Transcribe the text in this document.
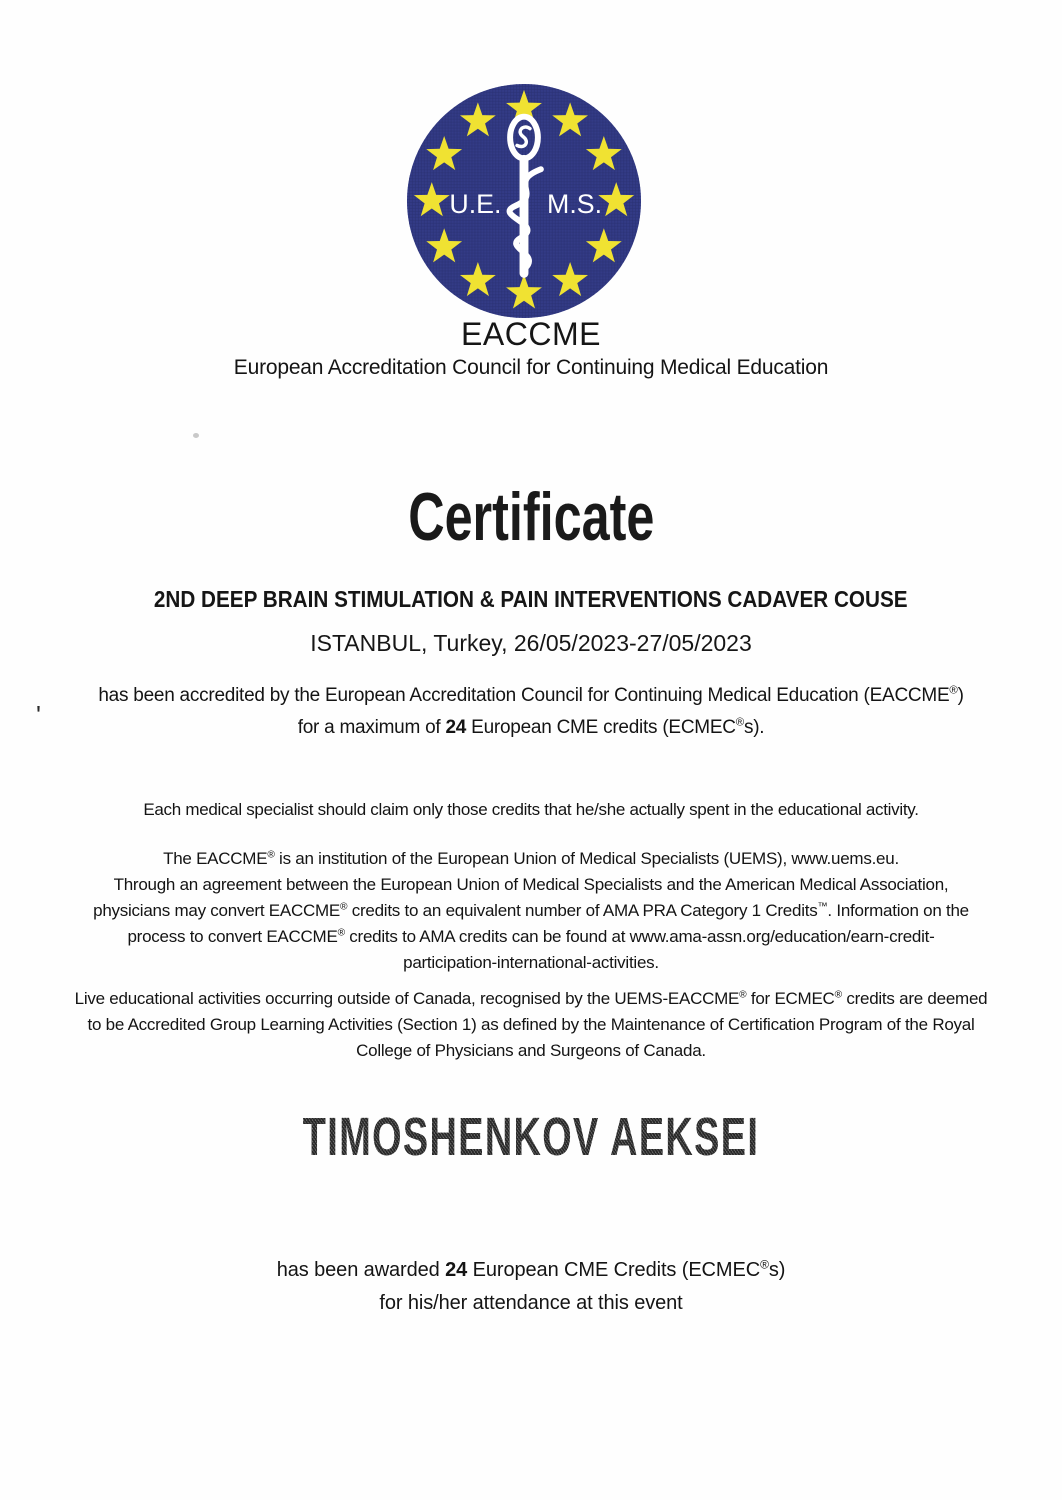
U.E. M.S.
EACCME
European Accreditation Council for Continuing Medical Education
Certificate
2ND DEEP BRAIN STIMULATION & PAIN INTERVENTIONS CADAVER COUSE
ISTANBUL, Turkey, 26/05/2023-27/05/2023
has been accredited by the European Accreditation Council for Continuing Medical Education (EACCME®)
for a maximum of 24 European CME credits (ECMEC®s).
Each medical specialist should claim only those credits that he/she actually spent in the educational activity.
The EACCME® is an institution of the European Union of Medical Specialists (UEMS), www.uems.eu.
Through an agreement between the European Union of Medical Specialists and the American Medical Association,
physicians may convert EACCME® credits to an equivalent number of AMA PRA Category 1 Credits™. Information on the
process to convert EACCME® credits to AMA credits can be found at www.ama-assn.org/education/earn-credit-
participation-international-activities.
Live educational activities occurring outside of Canada, recognised by the UEMS-EACCME® for ECMEC® credits are deemed
to be Accredited Group Learning Activities (Section 1) as defined by the Maintenance of Certification Program of the Royal
College of Physicians and Surgeons of Canada.
TIMOSHENKOV AEKSEI
has been awarded 24 European CME Credits (ECMEC®s)
for his/her attendance at this event
'
